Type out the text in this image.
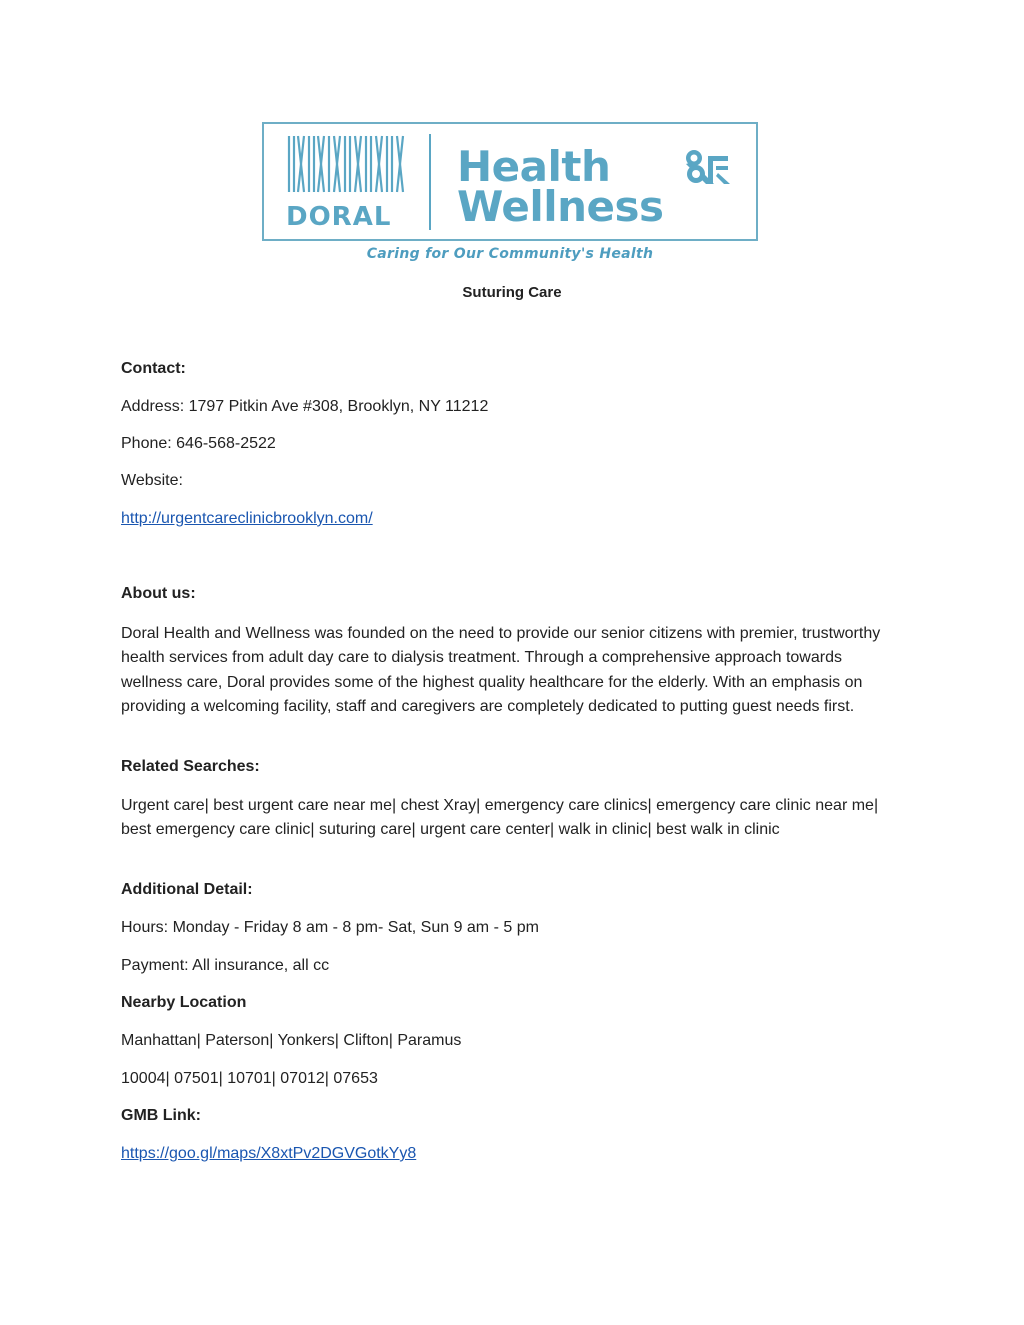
DORAL
Health
Wellness
Caring for Our Community's Health
Suturing Care
Contact:
Address: 1797 Pitkin Ave #308, Brooklyn, NY 11212
Phone: 646-568-2522
Website:
http://urgentcareclinicbrooklyn.com/
About us:
Doral Health and Wellness was founded on the need to provide our senior citizens with premier, trustworthy health services from adult day care to dialysis treatment. Through a comprehensive approach towards wellness care, Doral provides some of the highest quality healthcare for the elderly. With an emphasis on providing a welcoming facility, staff and caregivers are completely dedicated to putting guest needs first.
Related Searches:
Urgent care| best urgent care near me| chest Xray| emergency care clinics| emergency care clinic near me| best emergency care clinic| suturing care| urgent care center| walk in clinic| best walk in clinic
Additional Detail:
Hours: Monday - Friday 8 am - 8 pm- Sat, Sun 9 am - 5 pm
Payment: All insurance, all cc
Nearby Location
Manhattan| Paterson| Yonkers| Clifton| Paramus
10004| 07501| 10701| 07012| 07653
GMB Link:
https://goo.gl/maps/X8xtPv2DGVGotkYy8
